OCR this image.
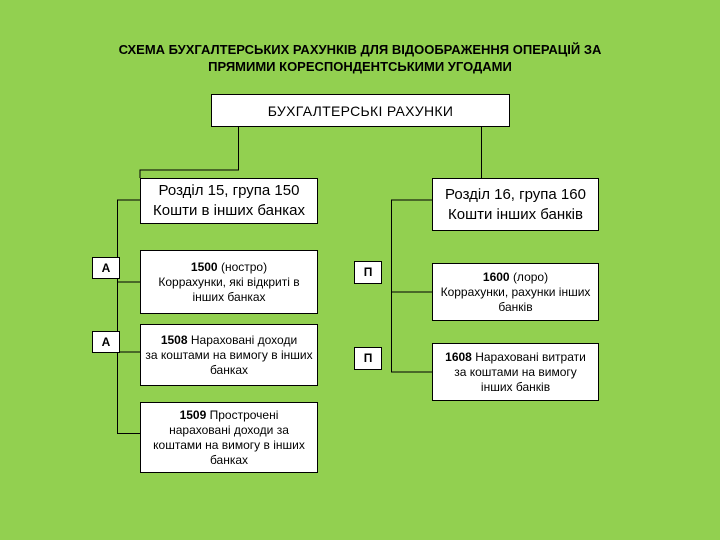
СХЕМА БУХГАЛТЕРСЬКИХ РАХУНКІВ ДЛЯ ВІДООБРАЖЕННЯ ОПЕРАЦІЙ ЗА
ПРЯМИМИ КОРЕСПОНДЕНТСЬКИМИ УГОДАМИ
БУХГАЛТЕРСЬКІ РАХУНКИ
Розділ 15, група 150
Кошти в інших банках
Розділ 16, група 160
Кошти інших банків
1500 (ностро)
Коррахунки, які відкриті в інших банках
1508 Нараховані доходи
за коштами на вимогу в інших банках
1509 Прострочені
нараховані доходи за коштами на вимогу в інших банках
1600 (лоро)
Коррахунки, рахунки інших банків
1608 Нараховані витрати
за коштами на вимогу інших банків
А
А
П
П
